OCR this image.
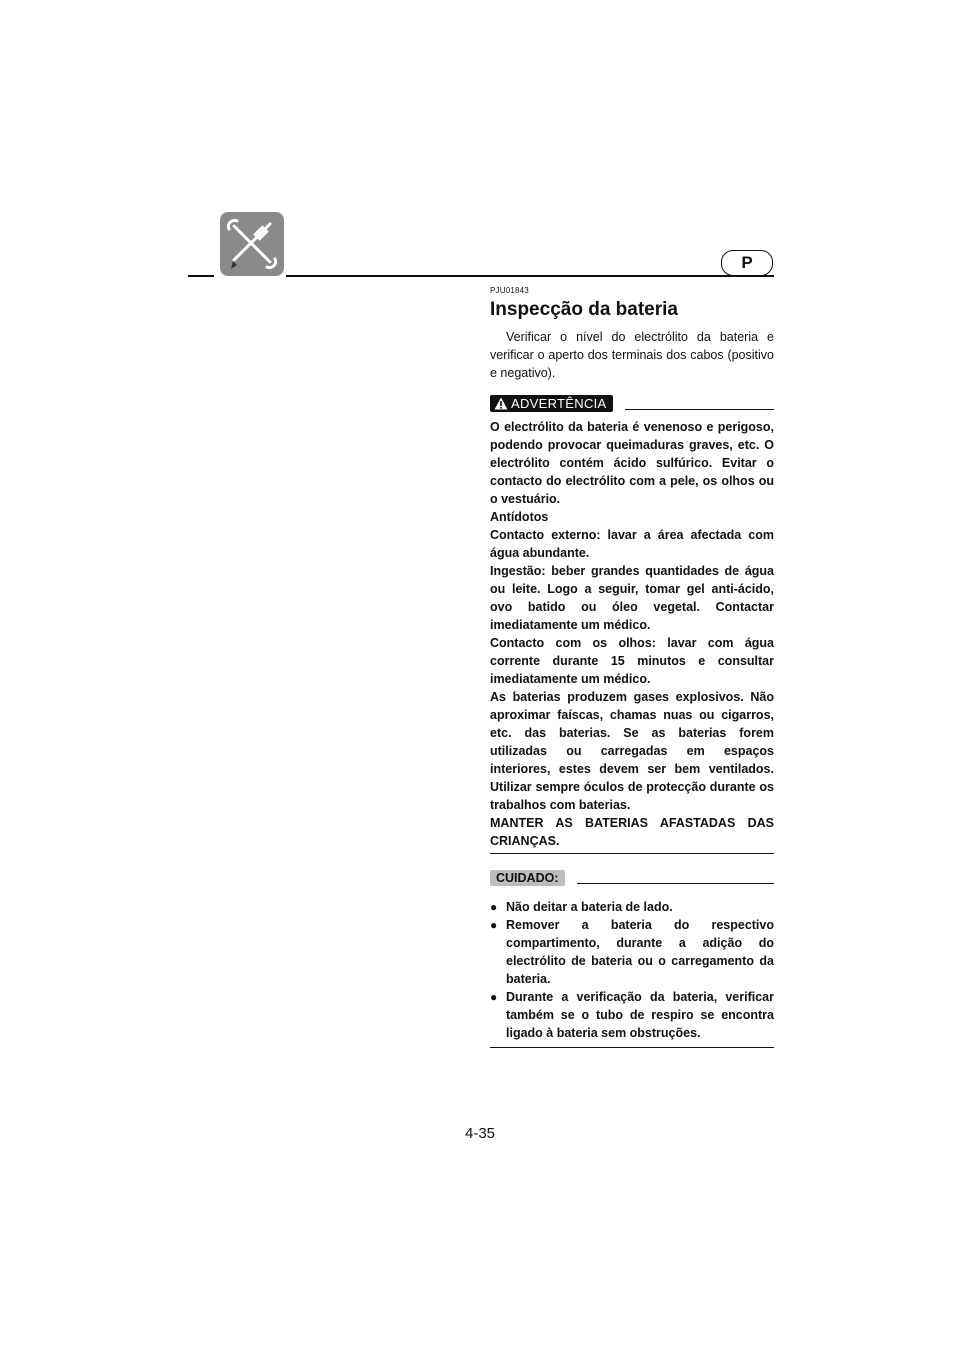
P
PJU01843
Inspecção da bateria

Verificar o nível do electrólito da bateria e verificar o aperto dos terminais dos cabos (positivo e negativo).

ADVERTÊNCIA

O electrólito da bateria é venenoso e perigoso, podendo provocar queimaduras graves, etc. O electrólito contém ácido sulfúrico. Evitar o contacto do electrólito com a pele, os olhos ou o vestuário.

Antídotos

Contacto externo: lavar a área afectada com água abundante.

Ingestão: beber grandes quantidades de água ou leite. Logo a seguir, tomar gel anti-ácido, ovo batido ou óleo vegetal. Contactar imediatamente um médico.

Contacto com os olhos: lavar com água corrente durante 15 minutos e consultar imediatamente um médico.

As baterias produzem gases explosivos. Não aproximar faíscas, chamas nuas ou cigarros, etc. das baterias. Se as baterias forem utilizadas ou carregadas em espaços interiores, estes devem ser bem ventilados. Utilizar sempre óculos de protecção durante os trabalhos com baterias.

MANTER AS BATERIAS AFASTADAS DAS CRIANÇAS.

CUIDADO:
● Não deitar a bateria de lado.
● Remover a bateria do respectivo compartimento, durante a adição do electrólito de bateria ou o carregamento da bateria.
● Durante a verificação da bateria, verificar também se o tubo de respiro se encontra ligado à bateria sem obstruções.
4-35
